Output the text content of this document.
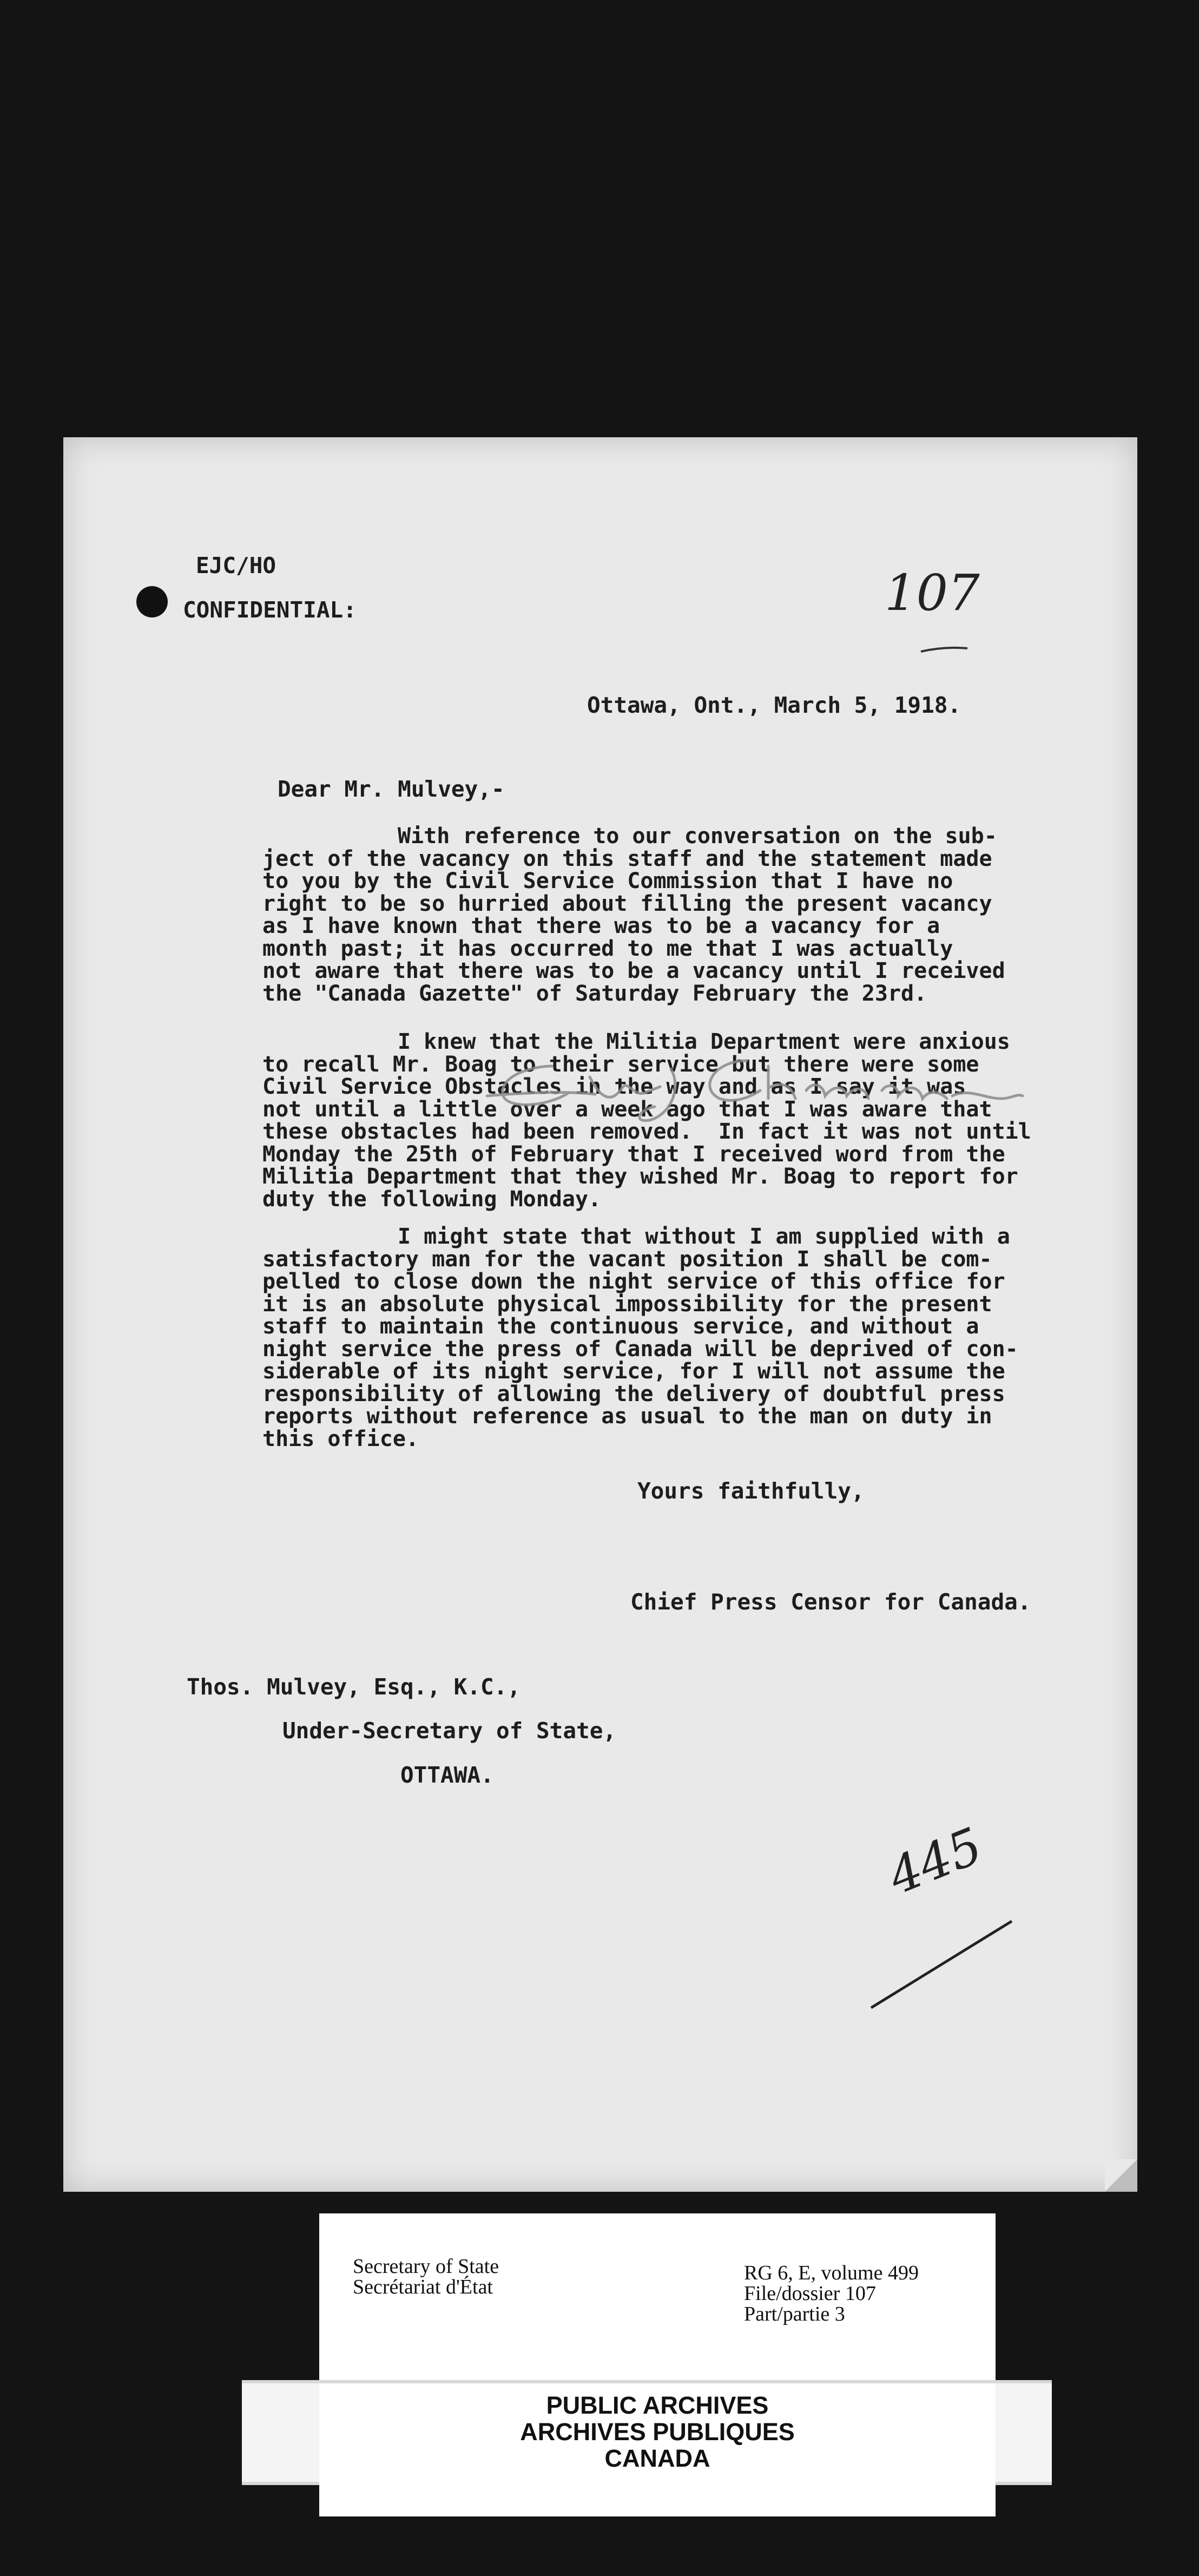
EJC/HO
CONFIDENTIAL:	107
Ottawa, Ont., March 5, 1918.
Dear Mr. Mulvey,-
With reference to our conversation on the sub-
ject of the vacancy on this staff and the statement made
to you by the Civil Service Commission that I have no
right to be so hurried about filling the present vacancy
as I have known that there was to be a vacancy for a
month past; it has occurred to me that I was actually
not aware that there was to be a vacancy until I received
the "Canada Gazette" of Saturday February the 23rd.
I knew that the Militia Department were anxious
to recall Mr. Boag to their service but there were some
Civil Service Obstacles in the way and as I say it was
not until a little over a week ago that I was aware that
these obstacles had been removed.  In fact it was not until
Monday the 25th of February that I received word from the
Militia Department that they wished Mr. Boag to report for
duty the following Monday.
I might state that without I am supplied with a
satisfactory man for the vacant position I shall be com-
pelled to close down the night service of this office for
it is an absolute physical impossibility for the present
staff to maintain the continuous service, and without a
night service the press of Canada will be deprived of con-
siderable of its night service, for I will not assume the
responsibility of allowing the delivery of doubtful press
reports without reference as usual to the man on duty in
this office.
Yours faithfully,
Chief Press Censor for Canada.
Thos. Mulvey, Esq., K.C.,
Under-Secretary of State,
OTTAWA.
445
Secretary of State
Secrétariat d'État
RG 6, E, volume 499
File/dossier 107
Part/partie 3
PUBLIC ARCHIVES
ARCHIVES PUBLIQUES
CANADA
